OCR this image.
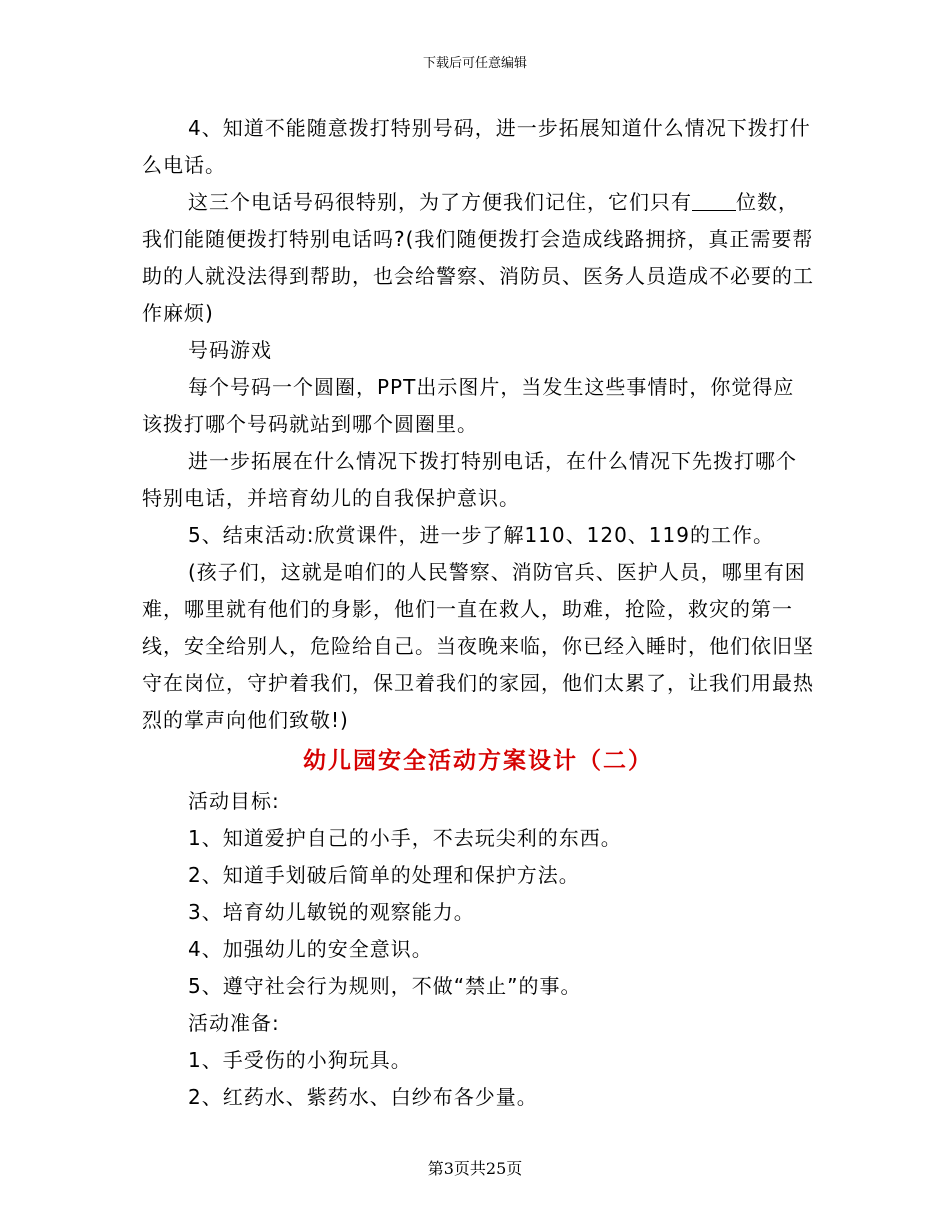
下载后可任意编辑

4、知道不能随意拨打特别号码，进一步拓展知道什么情况下拨打什么电话。

这三个电话号码很特别，为了方便我们记住，它们只有 位数，我们能随便拨打特别电话吗?(我们随便拨打会造成线路拥挤，真正需要帮助的人就没法得到帮助，也会给警察、消防员、医务人员造成不必要的工作麻烦)

号码游戏

每个号码一个圆圈，PPT出示图片，当发生这些事情时，你觉得应该拨打哪个号码就站到哪个圆圈里。

进一步拓展在什么情况下拨打特别电话，在什么情况下先拨打哪个特别电话，并培育幼儿的自我保护意识。

5、结束活动:欣赏课件，进一步了解110、120、119的工作。

(孩子们，这就是咱们的人民警察、消防官兵、医护人员，哪里有困难，哪里就有他们的身影，他们一直在救人，助难，抢险，救灾的第一线，安全给别人，危险给自己。当夜晚来临，你已经入睡时，他们依旧坚守在岗位，守护着我们，保卫着我们的家园，他们太累了，让我们用最热烈的掌声向他们致敬!)

幼儿园安全活动方案设计（二）

活动目标:

1、知道爱护自己的小手，不去玩尖利的东西。

2、知道手划破后简单的处理和保护方法。

3、培育幼儿敏锐的观察能力。

4、加强幼儿的安全意识。

5、遵守社会行为规则，不做“禁止”的事。

活动准备:

1、手受伤的小狗玩具。

2、红药水、紫药水、白纱布各少量。

第3页共25页
